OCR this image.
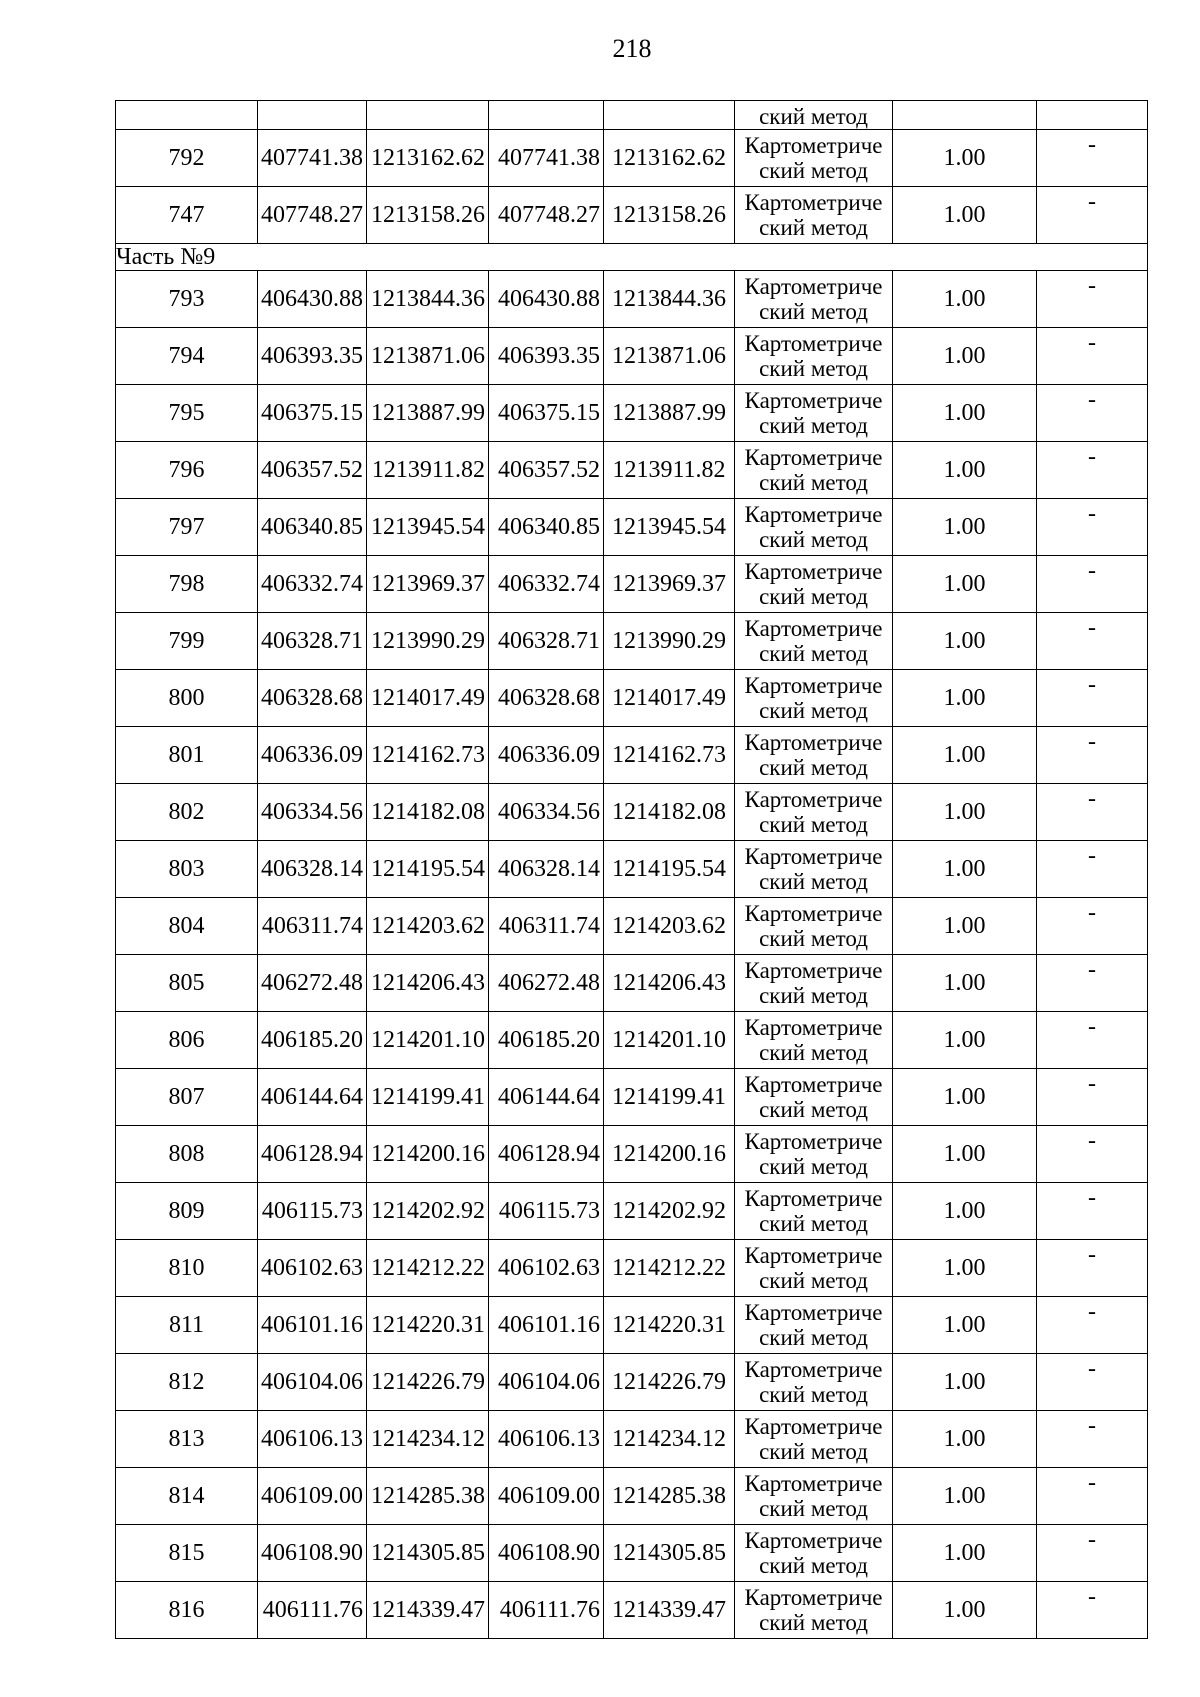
218
					ский метод		
792	407741.38	1213162.62	407741.38	1213162.62	Картометриче
ский метод	1.00	-
747	407748.27	1213158.26	407748.27	1213158.26	Картометриче
ский метод	1.00	-
Часть №9							
793	406430.88	1213844.36	406430.88	1213844.36	Картометриче
ский метод	1.00	-
794	406393.35	1213871.06	406393.35	1213871.06	Картометриче
ский метод	1.00	-
795	406375.15	1213887.99	406375.15	1213887.99	Картометриче
ский метод	1.00	-
796	406357.52	1213911.82	406357.52	1213911.82	Картометриче
ский метод	1.00	-
797	406340.85	1213945.54	406340.85	1213945.54	Картометриче
ский метод	1.00	-
798	406332.74	1213969.37	406332.74	1213969.37	Картометриче
ский метод	1.00	-
799	406328.71	1213990.29	406328.71	1213990.29	Картометриче
ский метод	1.00	-
800	406328.68	1214017.49	406328.68	1214017.49	Картометриче
ский метод	1.00	-
801	406336.09	1214162.73	406336.09	1214162.73	Картометриче
ский метод	1.00	-
802	406334.56	1214182.08	406334.56	1214182.08	Картометриче
ский метод	1.00	-
803	406328.14	1214195.54	406328.14	1214195.54	Картометриче
ский метод	1.00	-
804	406311.74	1214203.62	406311.74	1214203.62	Картометриче
ский метод	1.00	-
805	406272.48	1214206.43	406272.48	1214206.43	Картометриче
ский метод	1.00	-
806	406185.20	1214201.10	406185.20	1214201.10	Картометриче
ский метод	1.00	-
807	406144.64	1214199.41	406144.64	1214199.41	Картометриче
ский метод	1.00	-
808	406128.94	1214200.16	406128.94	1214200.16	Картометриче
ский метод	1.00	-
809	406115.73	1214202.92	406115.73	1214202.92	Картометриче
ский метод	1.00	-
810	406102.63	1214212.22	406102.63	1214212.22	Картометриче
ский метод	1.00	-
811	406101.16	1214220.31	406101.16	1214220.31	Картометриче
ский метод	1.00	-
812	406104.06	1214226.79	406104.06	1214226.79	Картометриче
ский метод	1.00	-
813	406106.13	1214234.12	406106.13	1214234.12	Картометриче
ский метод	1.00	-
814	406109.00	1214285.38	406109.00	1214285.38	Картометриче
ский метод	1.00	-
815	406108.90	1214305.85	406108.90	1214305.85	Картометриче
ский метод	1.00	-
816	406111.76	1214339.47	406111.76	1214339.47	Картометриче
ский метод	1.00	-
